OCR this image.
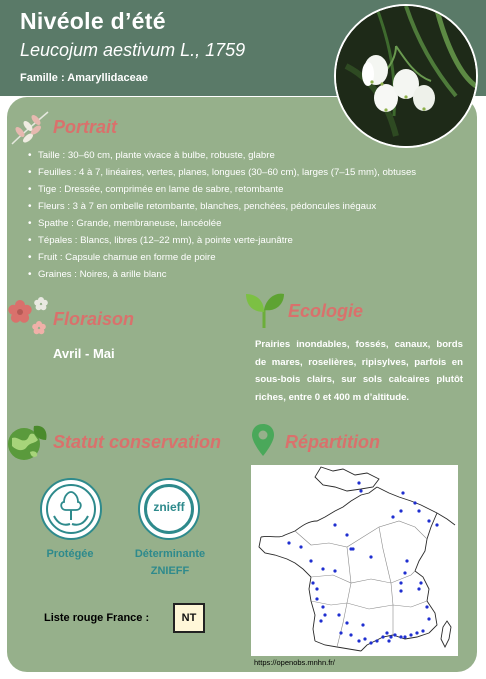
Nivéole d’été
Leucojum aestivum L., 1759
Famille : Amaryllidaceae
Portrait
• Taille : 30–60 cm, plante vivace à bulbe, robuste, glabre
• Feuilles : 4 à 7, linéaires, vertes, planes, longues (30–60 cm), larges (7–15 mm), obtuses
• Tige : Dressée, comprimée en lame de sabre, retombante
• Fleurs : 3 à 7 en ombelle retombante, blanches, penchées, pédoncules inégaux
• Spathe : Grande, membraneuse, lancéolée
• Tépales : Blancs, libres (12–22 mm), à pointe verte-jaunâtre
• Fruit : Capsule charnue en forme de poire
• Graines : Noires, à arille blanc
Floraison
Avril - Mai
Ecologie
Prairies inondables, fossés, canaux, bords de mares, roselières, ripisylves, parfois en sous-bois clairs, sur sols calcaires plutôt riches, entre 0 et 400 m d’altitude.
Statut conservation
Protégée
znieff
Déterminante
ZNIEFF
Liste rouge France :	NT
Répartition
https://openobs.mnhn.fr/
